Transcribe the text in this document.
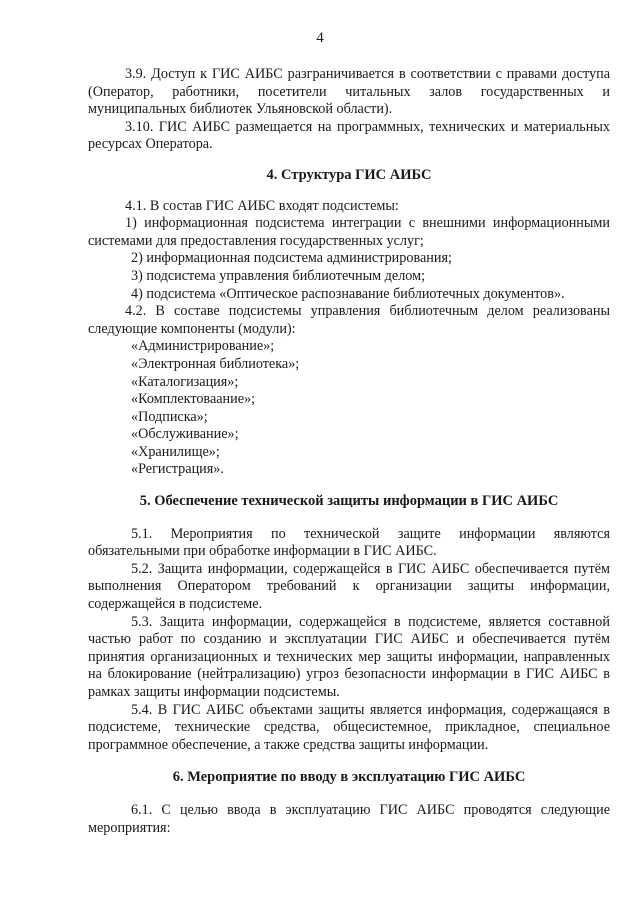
4

3.9. Доступ к ГИС АИБС разграничивается в соответствии с правами доступа (Оператор, работники, посетители читальных залов государственных и муниципальных библиотек Ульяновской области).

3.10. ГИС АИБС размещается на программных, технических и материальных ресурсах Оператора.

4. Структура ГИС АИБС

4.1. В состав ГИС АИБС входят подсистемы:

1) информационная подсистема интеграции с внешними информационными системами для предоставления государственных услуг;

2) информационная подсистема администрирования;

3) подсистема управления библиотечным делом;

4) подсистема «Оптическое распознавание библиотечных документов».

4.2. В составе подсистемы управления библиотечным делом реализованы следующие компоненты (модули):

«Администрирование»;

«Электронная библиотека»;

«Каталогизация»;

«Комплектоваание»;

«Подписка»;

«Обслуживание»;

«Хранилище»;

«Регистрация».

5. Обеспечение технической защиты информации в ГИС АИБС

5.1. Мероприятия по технической защите информации являются обязательными при обработке информации в ГИС АИБС.

5.2. Защита информации, содержащейся в ГИС АИБС обеспечивается путём выполнения Оператором требований к организации защиты информации, содержащейся в подсистеме.

5.3. Защита информации, содержащейся в подсистеме, является составной частью работ по созданию и эксплуатации ГИС АИБС и обеспечивается путём принятия организационных и технических мер защиты информации, направленных на блокирование (нейтрализацию) угроз безопасности информации в ГИС АИБС в рамках защиты информации подсистемы.

5.4. В ГИС АИБС объектами защиты является информация, содержащаяся в подсистеме, технические средства, общесистемное, прикладное, специальное программное обеспечение, а также средства защиты информации.

6. Мероприятие по вводу в эксплуатацию ГИС АИБС

6.1. С целью ввода в эксплуатацию ГИС АИБС проводятся следующие мероприятия:
